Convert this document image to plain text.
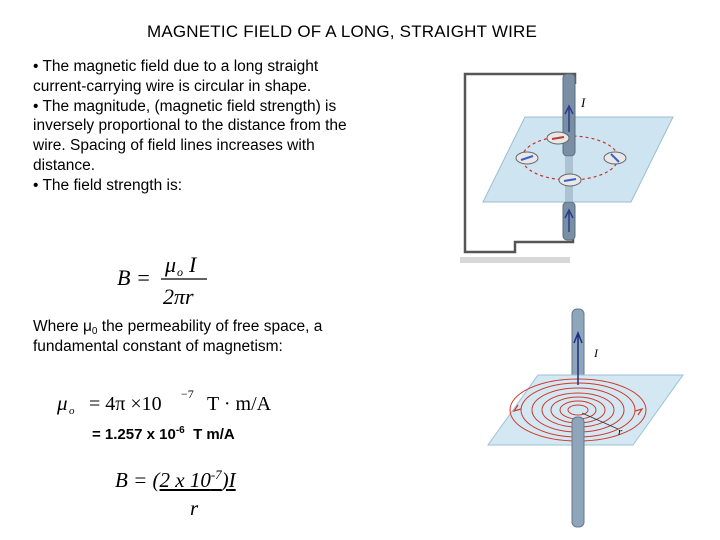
MAGNETIC FIELD OF A LONG, STRAIGHT WIRE

• The magnetic field due to a long straight current-carrying wire is circular in shape.

• The magnitude, (magnetic field strength) is inversely proportional to the distance from the wire. Spacing of field lines increases with distance.

• The field strength is:

B =
μ o I
2πr
Where $\mu_0$ the permeability of free space, a fundamental constant of magnetism:
μ o = 4π ×10 −7 T · m/A
= 1.257 x $10^{-6}$  T m/A
B = (2 x $10^{-7})I$
r
I
r
I
